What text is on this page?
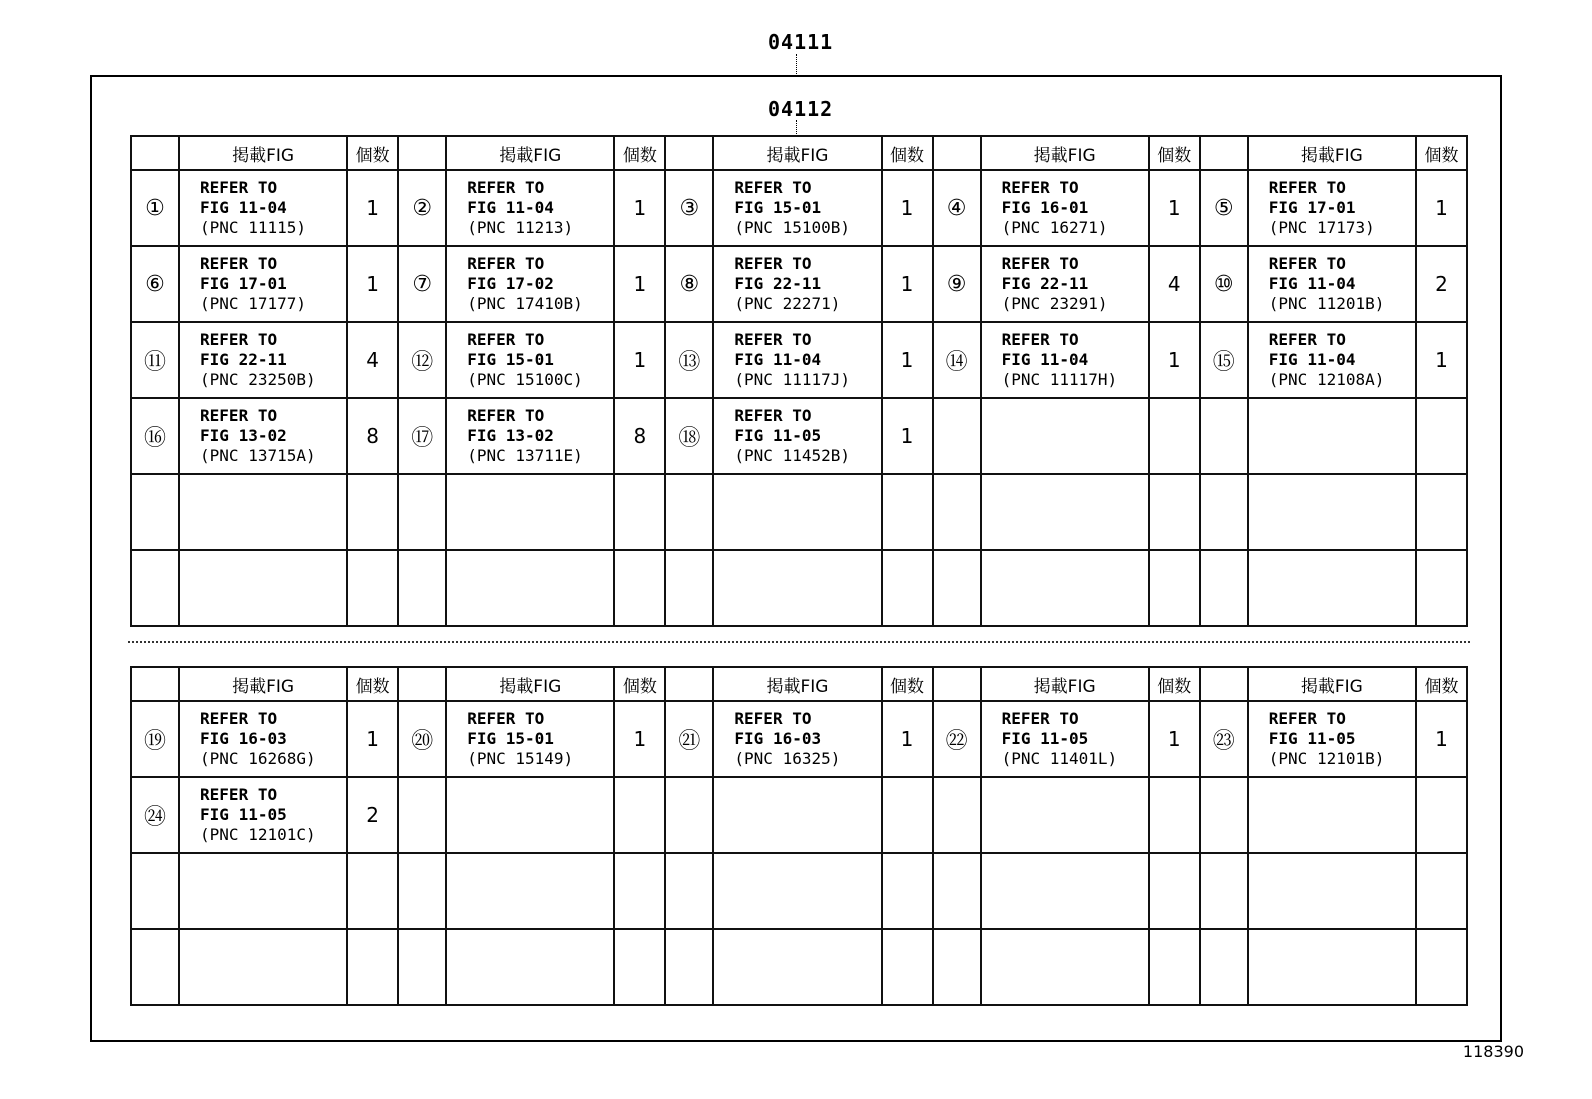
04111
04112
	掲載FIG	個数		掲載FIG	個数		掲載FIG	個数		掲載FIG	個数		掲載FIG	個数
①	REFER TO
FIG 11-04
(PNC 11115)	1	②	REFER TO
FIG 11-04
(PNC 11213)	1	③	REFER TO
FIG 15-01
(PNC 15100B)	1	④	REFER TO
FIG 16-01
(PNC 16271)	1	⑤	REFER TO
FIG 17-01
(PNC 17173)	1
⑥	REFER TO
FIG 17-01
(PNC 17177)	1	⑦	REFER TO
FIG 17-02
(PNC 17410B)	1	⑧	REFER TO
FIG 22-11
(PNC 22271)	1	⑨	REFER TO
FIG 22-11
(PNC 23291)	4	⑩	REFER TO
FIG 11-04
(PNC 11201B)	2
⑪	REFER TO
FIG 22-11
(PNC 23250B)	4	⑫	REFER TO
FIG 15-01
(PNC 15100C)	1	⑬	REFER TO
FIG 11-04
(PNC 11117J)	1	⑭	REFER TO
FIG 11-04
(PNC 11117H)	1	⑮	REFER TO
FIG 11-04
(PNC 12108A)	1
⑯	REFER TO
FIG 13-02
(PNC 13715A)	8	⑰	REFER TO
FIG 13-02
(PNC 13711E)	8	⑱	REFER TO
FIG 11-05
(PNC 11452B)	1		

	掲載FIG	個数		掲載FIG	個数		掲載FIG	個数		掲載FIG	個数		掲載FIG	個数
⑲	REFER TO
FIG 16-03
(PNC 16268G)	1	⑳	REFER TO
FIG 15-01
(PNC 15149)	1	㉑	REFER TO
FIG 16-03
(PNC 16325)	1	㉒	REFER TO
FIG 11-05
(PNC 11401L)	1	㉓	REFER TO
FIG 11-05
(PNC 12101B)	1
㉔	REFER TO
FIG 11-05
(PNC 12101C)	2		

118390
